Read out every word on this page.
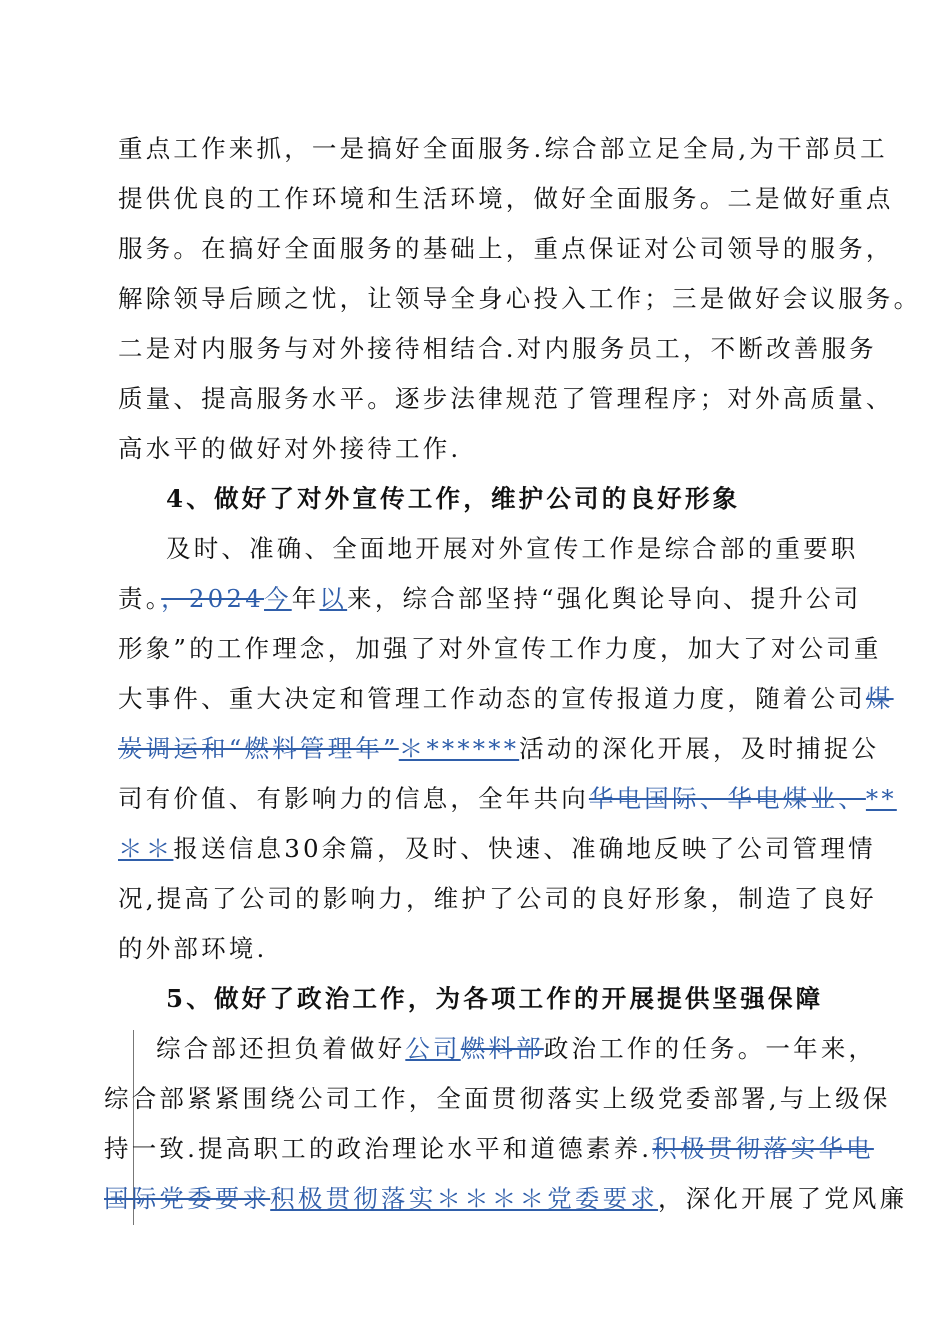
重点工作来抓，一是搞好全面服务.综合部立足全局,为干部员工
提供优良的工作环境和生活环境，做好全面服务。二是做好重点
服务。在搞好全面服务的基础上，重点保证对公司领导的服务，
解除领导后顾之忧，让领导全身心投入工作；三是做好会议服务。
二是对内服务与对外接待相结合.对内服务员工，不断改善服务
质量、提高服务水平。逐步法律规范了管理程序；对外高质量、
高水平的做好对外接待工作.
4、做好了对外宣传工作，维护公司的良好形象
及时、准确、全面地开展对外宣传工作是综合部的重要职
责。，2024今年以来，综合部坚持“强化舆论导向、提升公司
形象”的工作理念，加强了对外宣传工作力度，加大了对公司重
大事件、重大决定和管理工作动态的宣传报道力度，随着公司煤
炭调运和“燃料管理年”＊******活动的深化开展，及时捕捉公
司有价值、有影响力的信息，全年共向华电国际、华电煤业、**
＊＊报送信息30余篇，及时、快速、准确地反映了公司管理情
况,提高了公司的影响力，维护了公司的良好形象，制造了良好
的外部环境.
5、做好了政治工作，为各项工作的开展提供坚强保障
综合部还担负着做好公司燃料部政治工作的任务。一年来，
综合部紧紧围绕公司工作，全面贯彻落实上级党委部署,与上级保
持一致.提高职工的政治理论水平和道德素养.积极贯彻落实华电
国际党委要求积极贯彻落实＊＊＊＊党委要求，深化开展了党风廉
